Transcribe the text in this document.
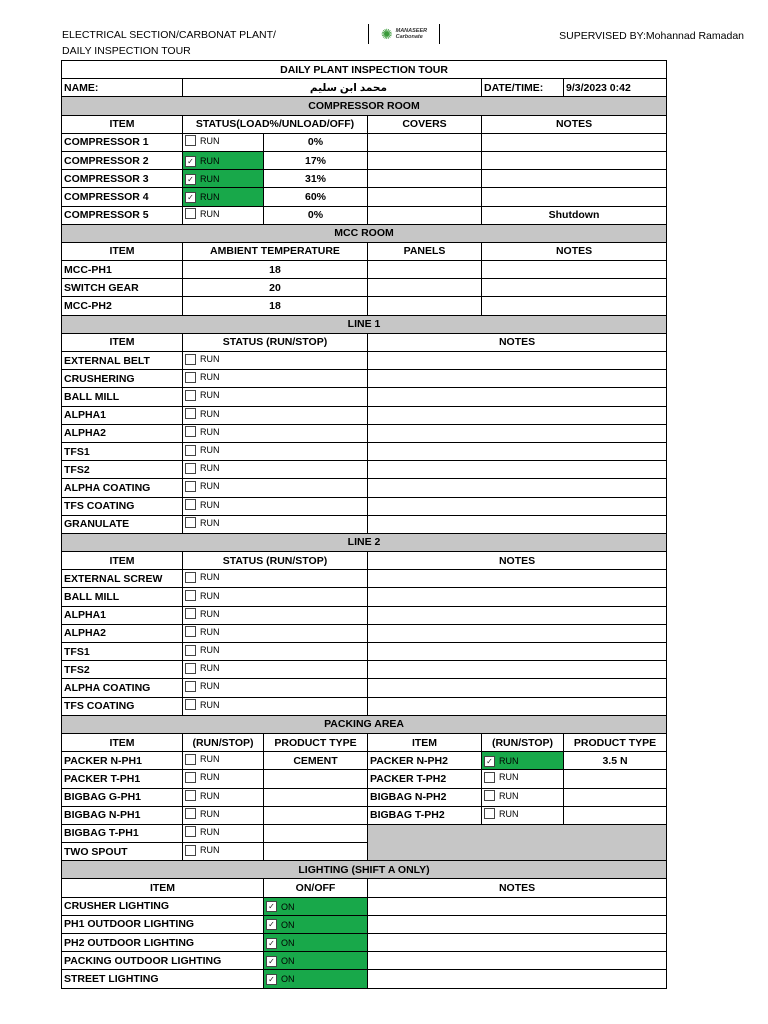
ELECTRICAL SECTION/CARBONAT PLANT/
DAILY INSPECTION TOUR
✺ MANASEER
Carbonate	SUPERVISED BY:Mohannad Ramadan
DAILY PLANT INSPECTION TOUR					
NAME:	محمد ابن سليم			DATE/TIME:	9/3/2023 0:42
COMPRESSOR ROOM					
ITEM	STATUS(LOAD%/UNLOAD/OFF)		COVERS	NOTES	
COMPRESSOR 1	RUN	0%			
COMPRESSOR 2	✓ RUN	17%			
COMPRESSOR 3	✓ RUN	31%			
COMPRESSOR 4	✓ RUN	60%			
COMPRESSOR 5	RUN	0%		Shutdown	
MCC ROOM					
ITEM	AMBIENT TEMPERATURE		PANELS	NOTES	
MCC-PH1	18				
SWITCH GEAR	20				
MCC-PH2	18				
LINE 1					
ITEM	STATUS (RUN/STOP)		NOTES		
EXTERNAL BELT	RUN				

CRUSHERING	RUN				

BALL MILL	RUN				

ALPHA1	RUN				

ALPHA2	RUN				

TFS1	RUN				

TFS2	RUN				

ALPHA COATING	RUN				

TFS COATING	RUN				

GRANULATE	RUN				

LINE 2					
ITEM	STATUS (RUN/STOP)		NOTES		
EXTERNAL SCREW	RUN				

BALL MILL	RUN				

ALPHA1	RUN				

ALPHA2	RUN				

TFS1	RUN				

TFS2	RUN				

ALPHA COATING	RUN				

TFS COATING	RUN				

PACKING AREA					
ITEM	(RUN/STOP)	PRODUCT TYPE	ITEM	(RUN/STOP)	PRODUCT TYPE
PACKER N-PH1	RUN	CEMENT	PACKER N-PH2	✓ RUN	3.5 N
PACKER T-PH1	RUN		PACKER T-PH2	RUN	

BIGBAG G-PH1	RUN		BIGBAG N-PH2	RUN	

BIGBAG N-PH1	RUN		BIGBAG T-PH2	RUN	

BIGBAG T-PH1	RUN				

TWO SPOUT	RUN				

LIGHTING (SHIFT A ONLY)					
ITEM		ON/OFF	NOTES		
CRUSHER LIGHTING		✓ ON			

PH1 OUTDOOR LIGHTING		✓ ON			

PH2 OUTDOOR LIGHTING		✓ ON			

PACKING OUTDOOR LIGHTING		✓ ON			

STREET LIGHTING		✓ ON			
